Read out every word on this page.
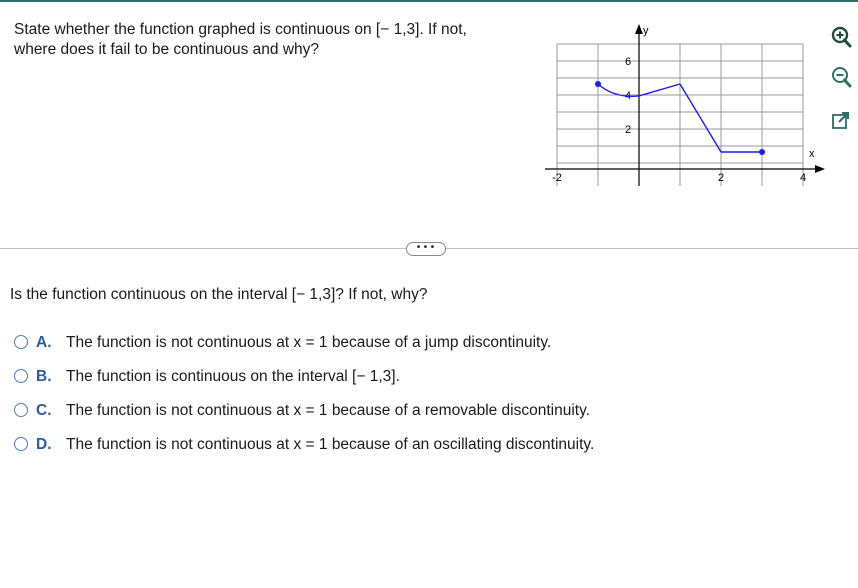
State whether the function graphed is continuous on [− 1,3]. If not,
where does it fail to be continuous and why?
y
x
-2	2	4
6
4
2
•••
Is the function continuous on the interval [− 1,3]? If not, why?
A. The function is not continuous at x = 1 because of a jump discontinuity.
B. The function is continuous on the interval [− 1,3].
C. The function is not continuous at x = 1 because of a removable discontinuity.
D. The function is not continuous at x = 1 because of an oscillating discontinuity.
